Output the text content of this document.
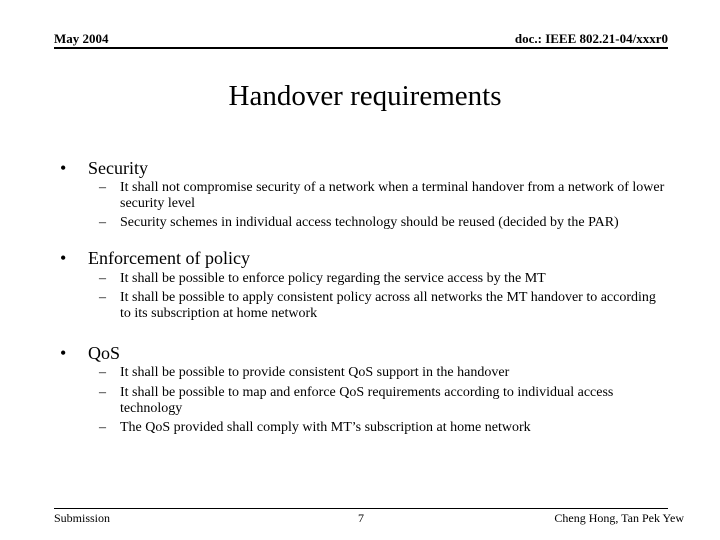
May 2004	doc.: IEEE 802.21-04/xxxr0
Handover requirements
• Security
– It shall not compromise security of a network when a terminal handover from a network of lower security level
– Security schemes in individual access technology should be reused (decided by the PAR)
• Enforcement of policy
– It shall be possible to enforce policy regarding the service access by the MT
– It shall be possible to apply consistent policy across all networks the MT handover to according to its subscription at home network
• QoS
– It shall be possible to provide consistent QoS support in the handover
– It shall be possible to map and enforce QoS requirements according to individual access technology
– The QoS provided shall comply with MT’s subscription at home network
Submission	7	Cheng Hong, Tan Pek Yew
